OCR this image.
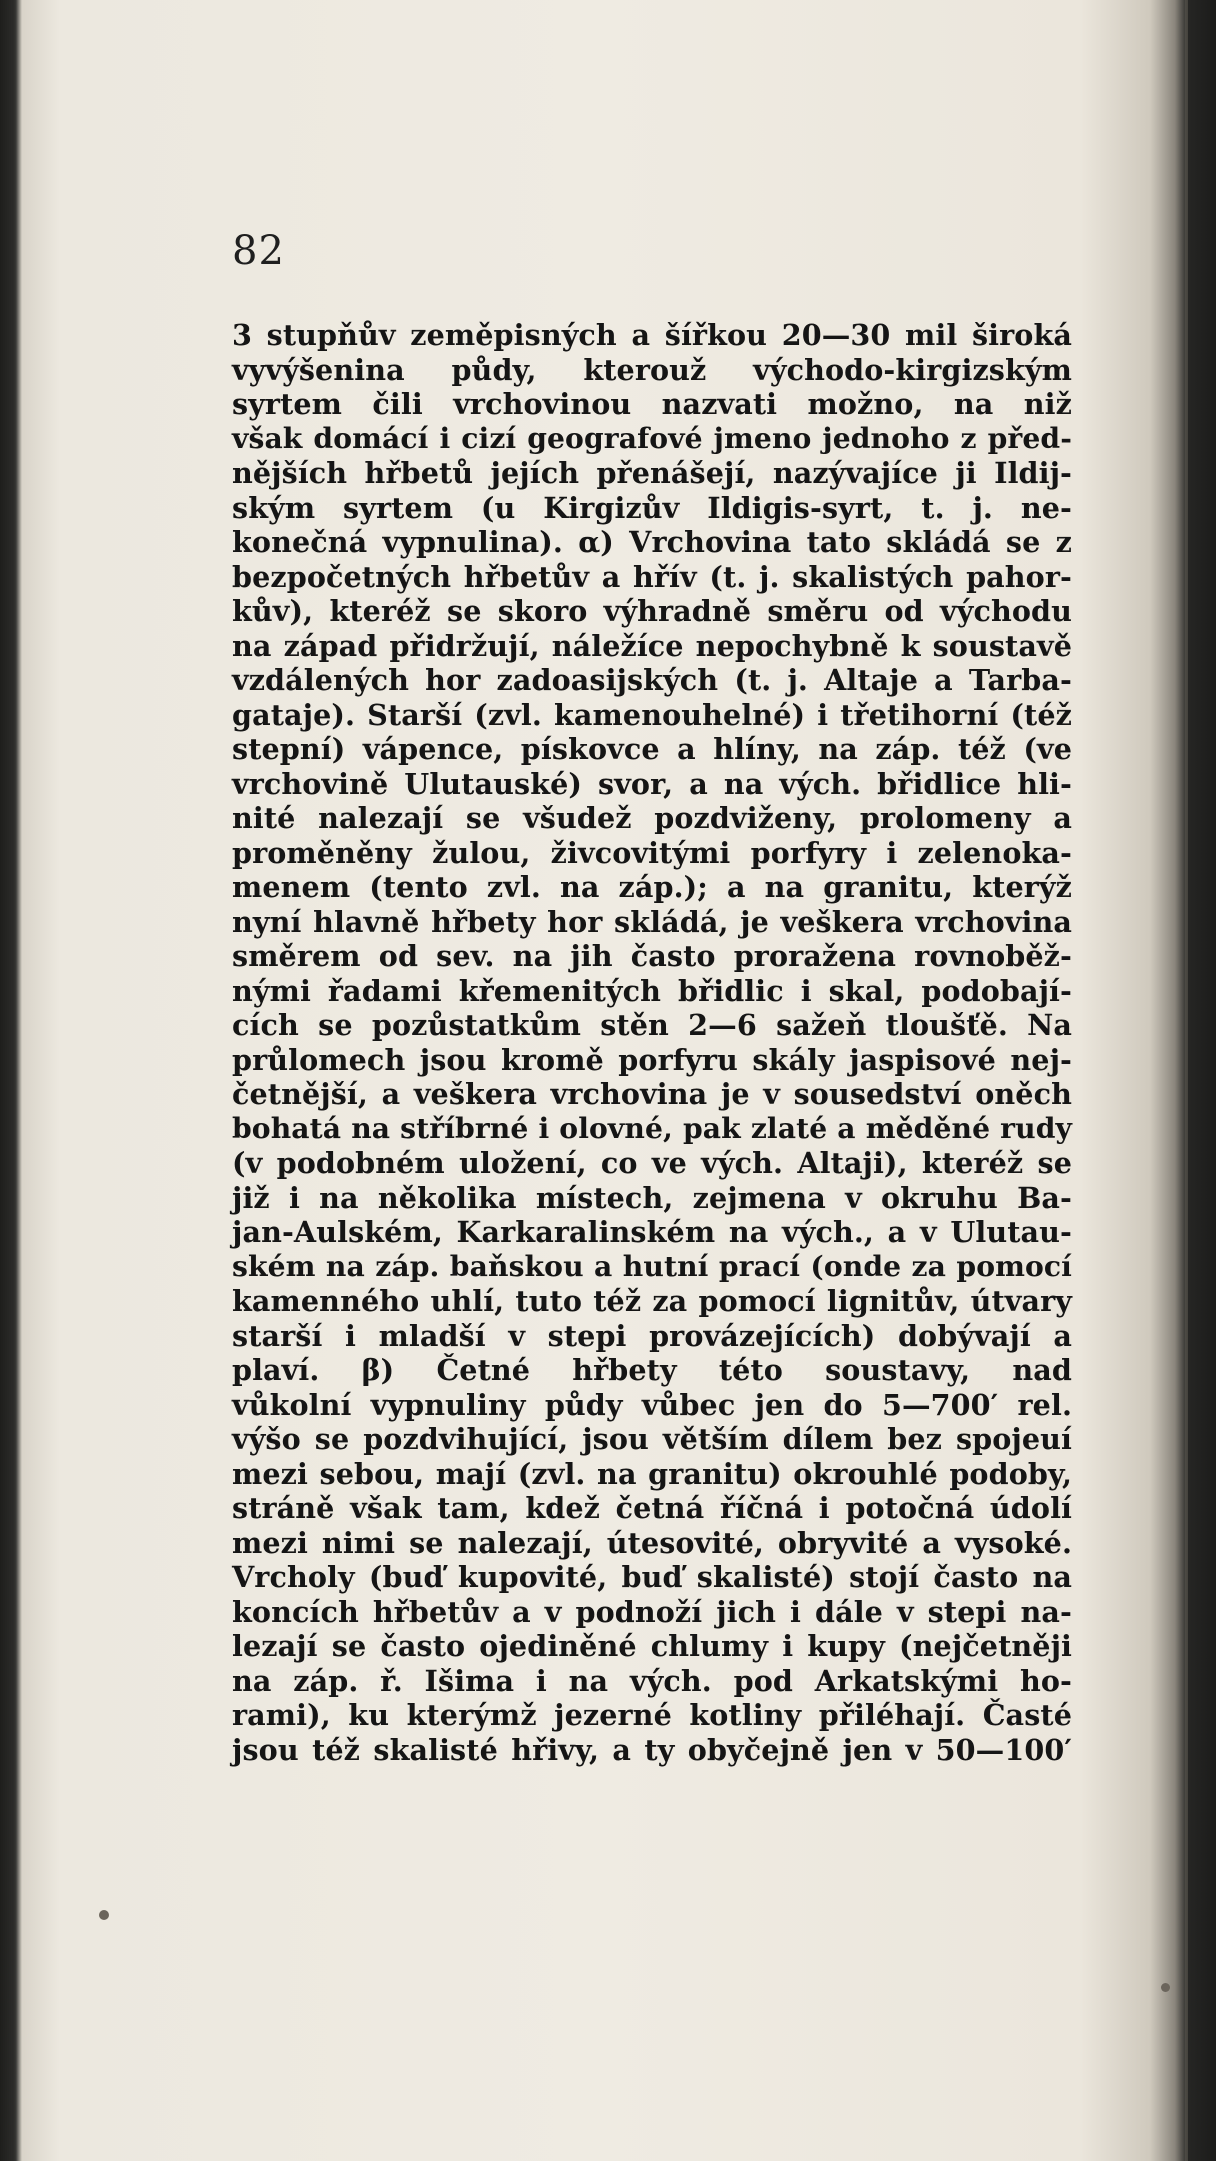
82
3 stupňův zeměpisných a šířkou 20—30 mil široká
vyvýšenina půdy, kterouž východo-kirgizským
syrtem čili vrchovinou nazvati možno, na niž
však domácí i cizí geografové jmeno jednoho z před-
nějších hřbetů jejích přenášejí, nazývajíce ji Ildij-
ským syrtem (u Kirgizův Ildigis-syrt, t. j. ne-
konečná vypnulina). α) Vrchovina tato skládá se z
bezpočetných hřbetův a hřív (t. j. skalistých pahor-
kův), kteréž se skoro výhradně směru od východu
na západ přidržují, náležíce nepochybně k soustavě
vzdálených hor zadoasijských (t. j. Altaje a Tarba-
gataje). Starší (zvl. kamenouhelné) i třetihorní (též
stepní) vápence, pískovce a hlíny, na záp. též (ve
vrchovině Ulutauské) svor, a na vých. břidlice hli-
nité nalezají se všudež pozdviženy, prolomeny a
proměněny žulou, živcovitými porfyry i zelenoka-
menem (tento zvl. na záp.); a na granitu, kterýž
nyní hlavně hřbety hor skládá, je veškera vrchovina
směrem od sev. na jih často proražena rovnoběž-
nými řadami křemenitých břidlic i skal, podobají-
cích se pozůstatkům stěn 2—6 sažeň tloušťě. Na
průlomech jsou kromě porfyru skály jaspisové nej-
četnější, a veškera vrchovina je v sousedství oněch
bohatá na stříbrné i olovné, pak zlaté a měděné rudy
(v podobném uložení, co ve vých. Altaji), kteréž se
již i na několika místech, zejmena v okruhu Ba-
jan-Aulském, Karkaralinském na vých., a v Ulutau-
ském na záp. baňskou a hutní prací (onde za pomocí
kamenného uhlí, tuto též za pomocí lignitův, útvary
starší i mladší v stepi provázejících) dobývají a
plaví. β) Četné hřbety této soustavy, nad
vůkolní vypnuliny půdy vůbec jen do 5—700′ rel.
výšo se pozdvihující, jsou větším dílem bez spojeuí
mezi sebou, mají (zvl. na granitu) okrouhlé podoby,
stráně však tam, kdež četná říčná i potočná údolí
mezi nimi se nalezají, útesovité, obryvité a vysoké.
Vrcholy (buď kupovité, buď skalisté) stojí často na
koncích hřbetův a v podnoží jich i dále v stepi na-
lezají se často ojediněné chlumy i kupy (nejčetněji
na záp. ř. Išima i na vých. pod Arkatskými ho-
rami), ku kterýmž jezerné kotliny přiléhají. Časté
jsou též skalisté hřivy, a ty obyčejně jen v 50—100′
